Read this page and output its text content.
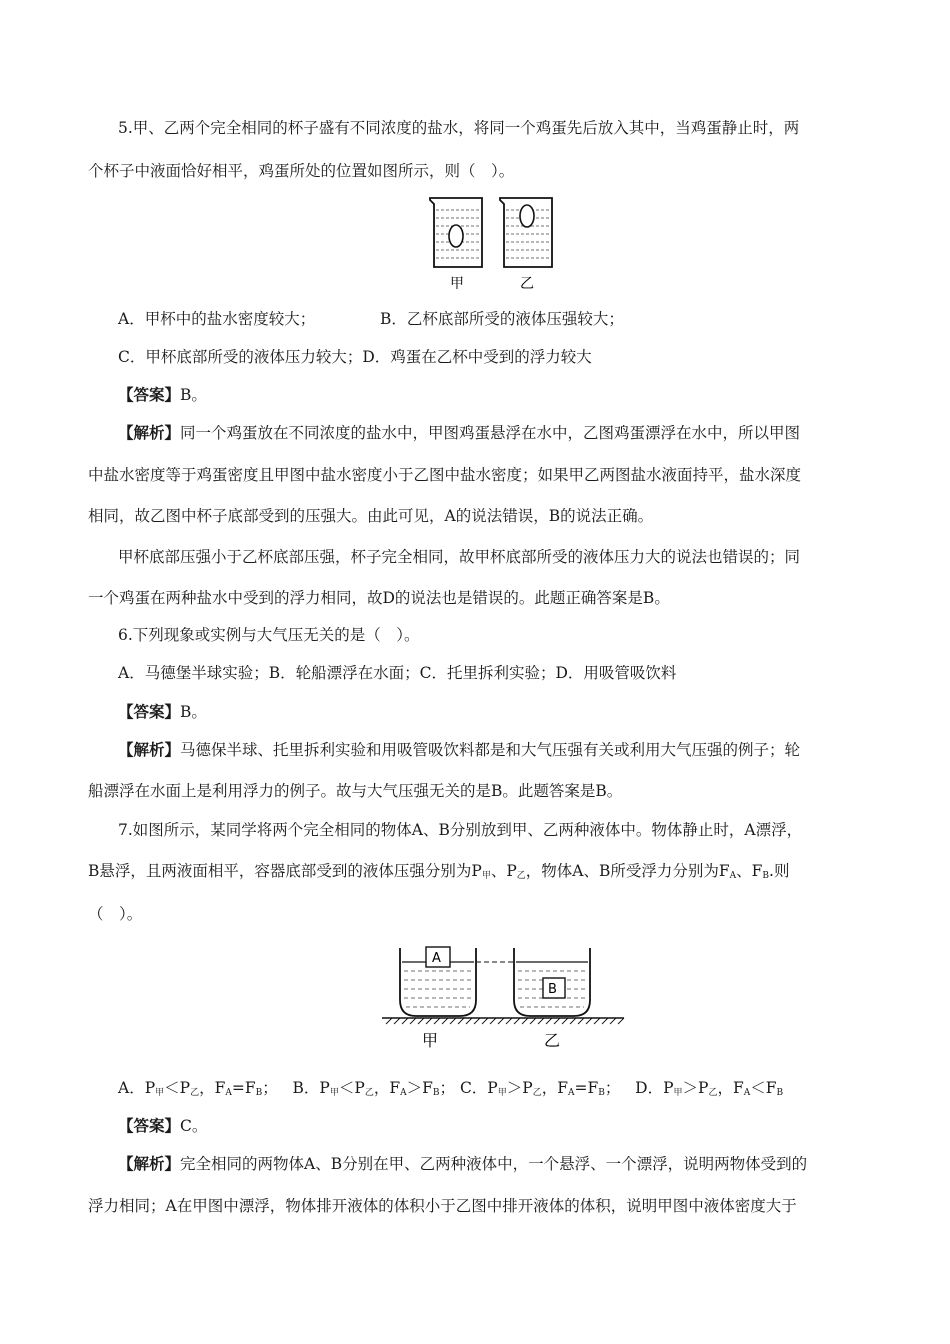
5.甲、乙两个完全相同的杯子盛有不同浓度的盐水，将同一个鸡蛋先后放入其中，当鸡蛋静止时，两
个杯子中液面恰好相平，鸡蛋所处的位置如图所示，则（　）。
甲	乙
A．甲杯中的盐水密度较大；	B．乙杯底部所受的液体压强较大；
C．甲杯底部所受的液体压力较大；D．鸡蛋在乙杯中受到的浮力较大
【答案】B。
【解析】同一个鸡蛋放在不同浓度的盐水中，甲图鸡蛋悬浮在水中，乙图鸡蛋漂浮在水中，所以甲图
中盐水密度等于鸡蛋密度且甲图中盐水密度小于乙图中盐水密度；如果甲乙两图盐水液面持平，盐水深度
相同，故乙图中杯子底部受到的压强大。由此可见，A的说法错误，B的说法正确。
甲杯底部压强小于乙杯底部压强，杯子完全相同，故甲杯底部所受的液体压力大的说法也错误的；同
一个鸡蛋在两种盐水中受到的浮力相同，故D的说法也是错误的。此题正确答案是B。
6.下列现象或实例与大气压无关的是（　）。
A．马德堡半球实验；B．轮船漂浮在水面；C．托里拆利实验；D．用吸管吸饮料
【答案】B。
【解析】马德保半球、托里拆利实验和用吸管吸饮料都是和大气压强有关或利用大气压强的例子；轮
船漂浮在水面上是利用浮力的例子。故与大气压强无关的是B。此题答案是B。
7.如图所示，某同学将两个完全相同的物体A、B分别放到甲、乙两种液体中。物体静止时，A漂浮，
B悬浮，且两液面相平，容器底部受到的液体压强分别为$P_甲$、$P_乙$，物体A、B所受浮力分别为$F_A$、$F_B$.则
（　）。
A
B
甲	乙
A．$P_甲<P_乙$，$F_A=F_B$； B．$P_甲<P_乙$，$F_A>F_B$； C．$P_甲>P_乙$，$F_A=F_B$； D．$P_甲>P_乙$，$F_A<F_B$
【答案】C。
【解析】完全相同的两物体A、B分别在甲、乙两种液体中，一个悬浮、一个漂浮，说明两物体受到的
浮力相同；A在甲图中漂浮，物体排开液体的体积小于乙图中排开液体的体积，说明甲图中液体密度大于
